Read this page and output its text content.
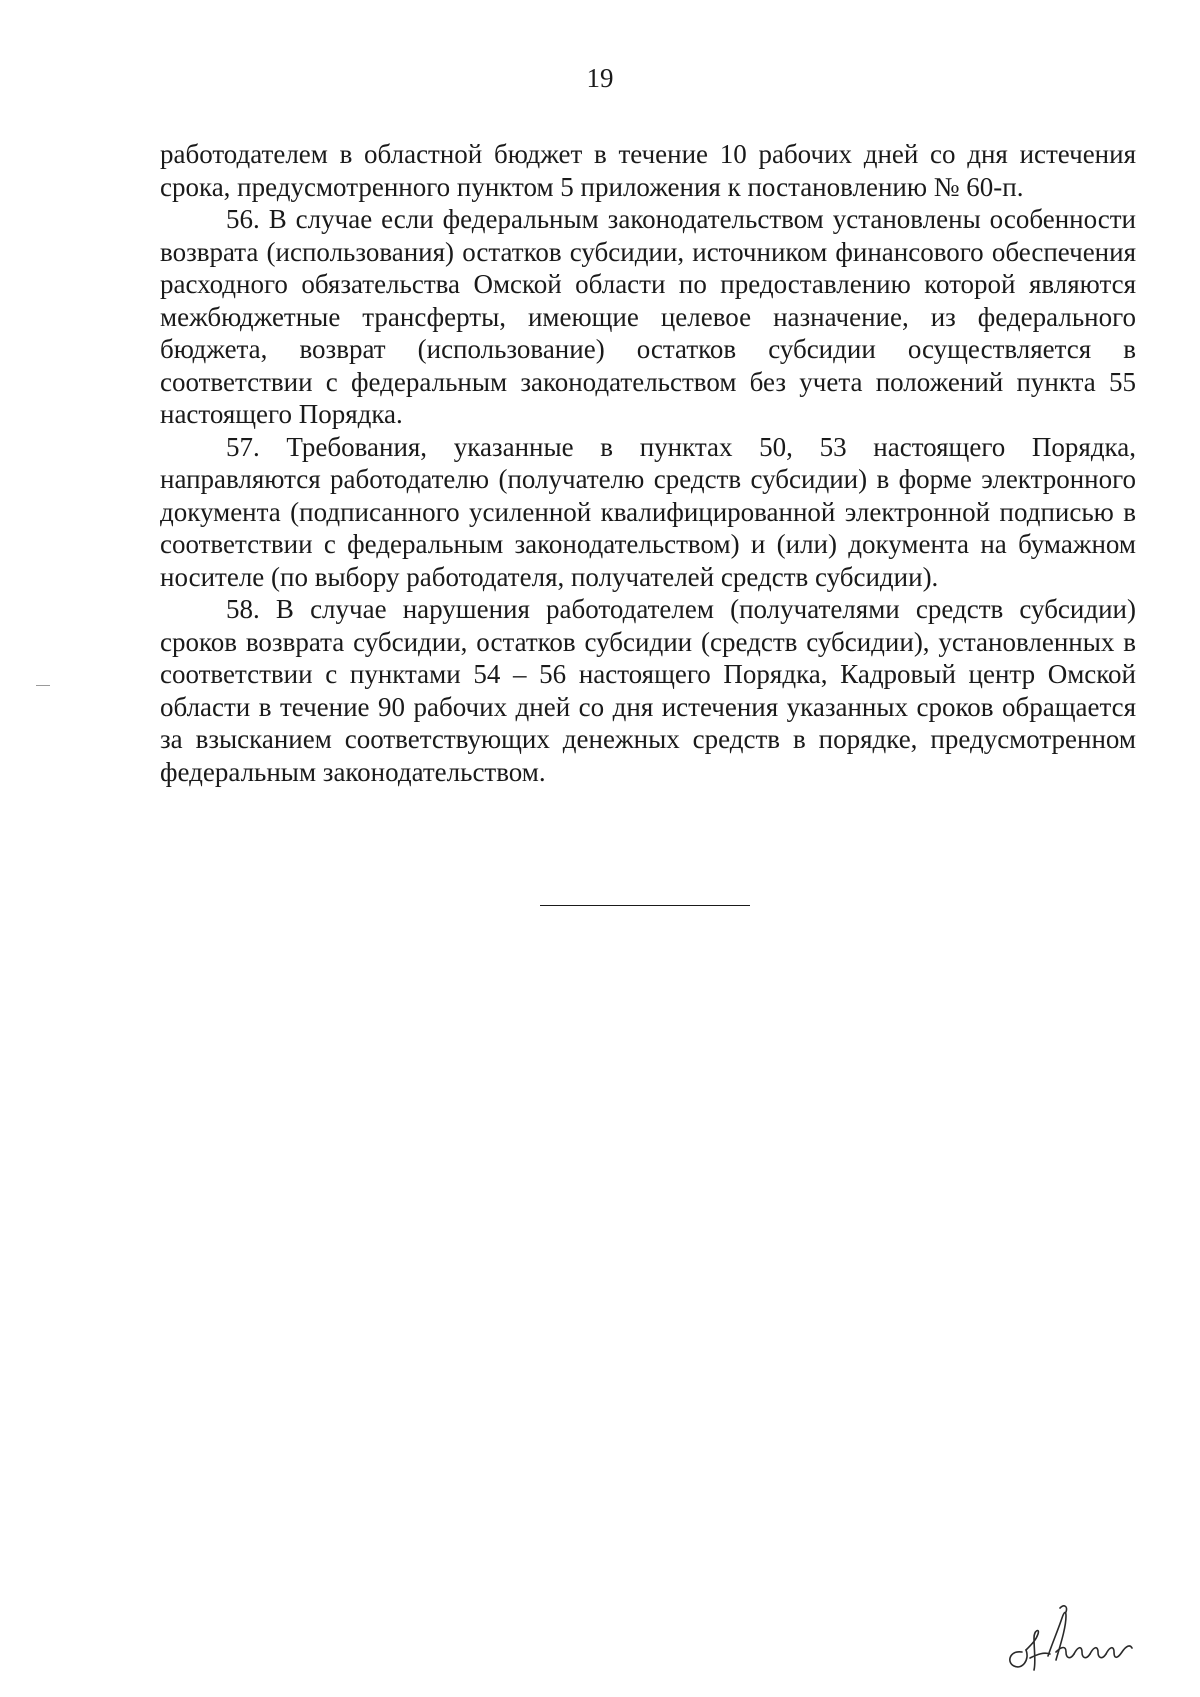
19

работодателем в областной бюджет в течение 10 рабочих дней со дня истечения срока, предусмотренного пунктом 5 приложения к постановлению № 60-п.

56. В случае если федеральным законодательством установлены особенности возврата (использования) остатков субсидии, источником финансового обеспечения расходного обязательства Омской области по предоставлению которой являются межбюджетные трансферты, имеющие целевое назначение, из федерального бюджета, возврат (использование) остатков субсидии осуществляется в соответствии с федеральным законодательством без учета положений пункта 55 настоящего Порядка.

57. Требования, указанные в пунктах 50, 53 настоящего Порядка, направляются работодателю (получателю средств субсидии) в форме электронного документа (подписанного усиленной квалифицированной электронной подписью в соответствии с федеральным законодательством) и (или) документа на бумажном носителе (по выбору работодателя, получателей средств субсидии).

58. В случае нарушения работодателем (получателями средств субсидии) сроков возврата субсидии, остатков субсидии (средств субсидии), установленных в соответствии с пунктами 54 – 56 настоящего Порядка, Кадровый центр Омской области в течение 90 рабочих дней со дня истечения указанных сроков обращается за взысканием соответствующих денежных средств в порядке, предусмотренном федеральным законодательством.
